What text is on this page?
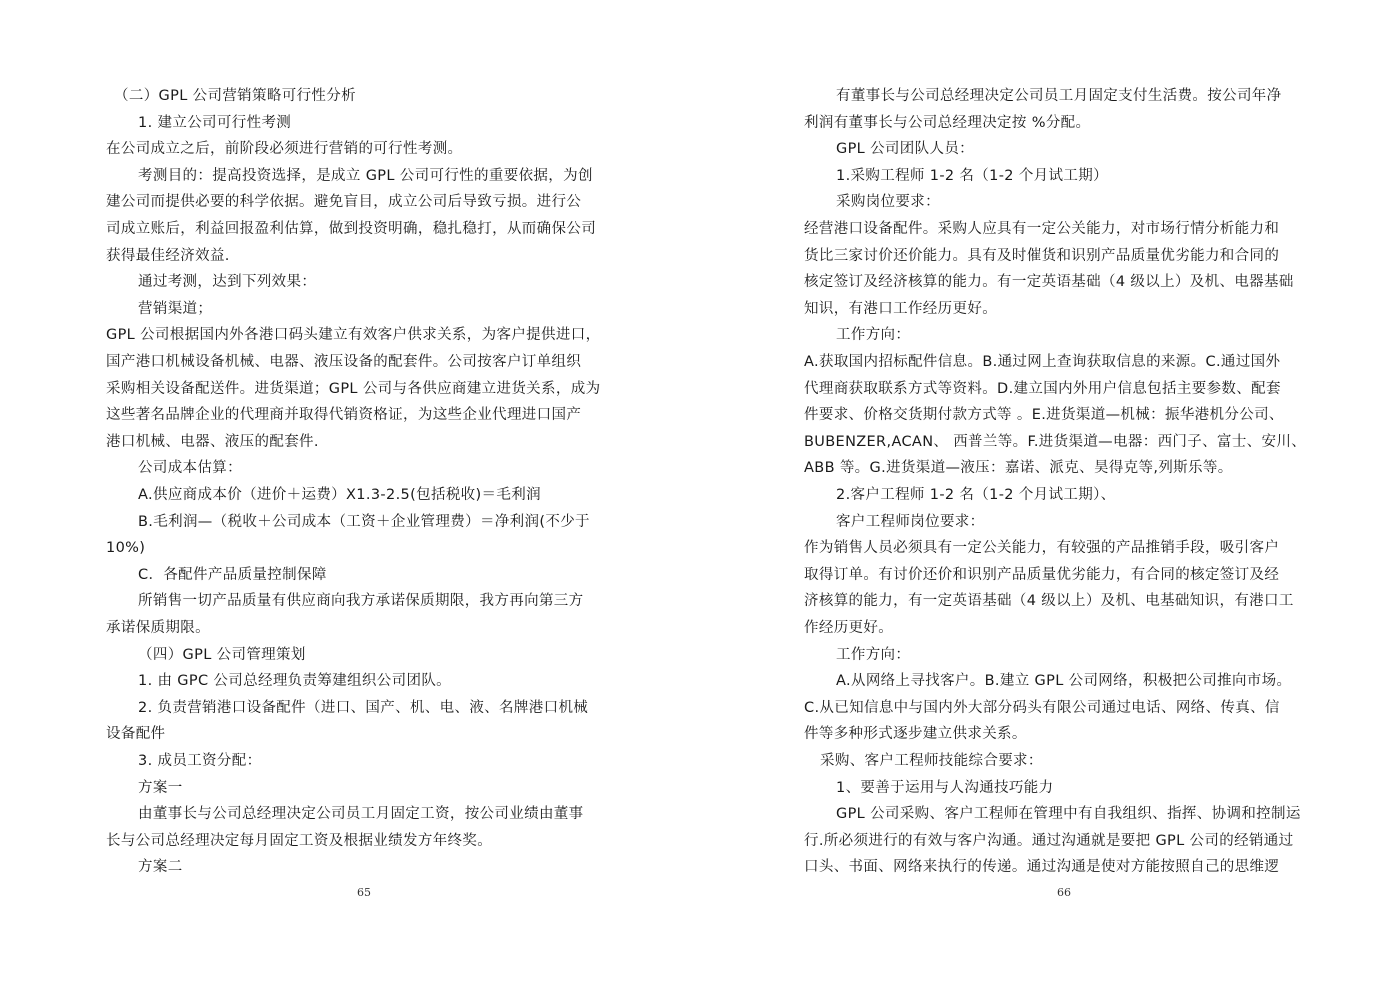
（二）GPL 公司营销策略可行性分析
1. 建立公司可行性考测
在公司成立之后，前阶段必须进行营销的可行性考测。
考测目的：提高投资选择，是成立 GPL 公司可行性的重要依据，为创
建公司而提供必要的科学依据。避免盲目，成立公司后导致亏损。进行公
司成立账后，利益回报盈利估算，做到投资明确，稳扎稳打，从而确保公司
获得最佳经济效益.
通过考测，达到下列效果：
营销渠道；
GPL 公司根据国内外各港口码头建立有效客户供求关系，为客户提供进口，
国产港口机械设备机械、电器、液压设备的配套件。公司按客户订单组织
采购相关设备配送件。进货渠道；GPL 公司与各供应商建立进货关系，成为
这些著名品牌企业的代理商并取得代销资格证，为这些企业代理进口国产
港口机械、电器、液压的配套件.
公司成本估算：
A.供应商成本价（进价＋运费）X1.3-2.5(包括税收)＝毛利润
B.毛利润—（税收＋公司成本（工资＋企业管理费）＝净利润(不少于
10%)
C．各配件产品质量控制保障
所销售一切产品质量有供应商向我方承诺保质期限，我方再向第三方
承诺保质期限。
（四）GPL 公司管理策划
1. 由 GPC 公司总经理负责筹建组织公司团队。
2. 负责营销港口设备配件（进口、国产、机、电、液、名牌港口机械
设备配件
3. 成员工资分配：
方案一
由董事长与公司总经理决定公司员工月固定工资，按公司业绩由董事
长与公司总经理决定每月固定工资及根据业绩发方年终奖。
方案二
有董事长与公司总经理决定公司员工月固定支付生活费。按公司年净
利润有董事长与公司总经理决定按 %分配。
GPL 公司团队人员：
1.采购工程师 1-2 名（1-2 个月试工期）
采购岗位要求：
经营港口设备配件。采购人应具有一定公关能力，对市场行情分析能力和
货比三家讨价还价能力。具有及时催货和识别产品质量优劣能力和合同的
核定签订及经济核算的能力。有一定英语基础（4 级以上）及机、电器基础
知识，有港口工作经历更好。
工作方向：
A.获取国内招标配件信息。B.通过网上查询获取信息的来源。C.通过国外
代理商获取联系方式等资料。D.建立国内外用户信息包括主要参数、配套
件要求、价格交货期付款方式等 。E.进货渠道—机械：振华港机分公司、
BUBENZER,ACAN、 西普兰等。F.进货渠道—电器：西门子、富士、安川、
ABB 等。G.进货渠道—液压：嘉诺、派克、昊得克等,列斯乐等。
2.客户工程师 1-2 名（1-2 个月试工期）、
客户工程师岗位要求：
作为销售人员必须具有一定公关能力，有较强的产品推销手段，吸引客户
取得订单。有讨价还价和识别产品质量优劣能力，有合同的核定签订及经
济核算的能力，有一定英语基础（4 级以上）及机、电基础知识，有港口工
作经历更好。
工作方向：
A.从网络上寻找客户。B.建立 GPL 公司网络，积极把公司推向市场。
C.从已知信息中与国内外大部分码头有限公司通过电话、网络、传真、信
件等多种形式逐步建立供求关系。
采购、客户工程师技能综合要求：
1、要善于运用与人沟通技巧能力
GPL 公司采购、客户工程师在管理中有自我组织、指挥、协调和控制运
行.所必须进行的有效与客户沟通。通过沟通就是要把 GPL 公司的经销通过
口头、书面、网络来执行的传递。通过沟通是使对方能按照自己的思维逻
65	66
